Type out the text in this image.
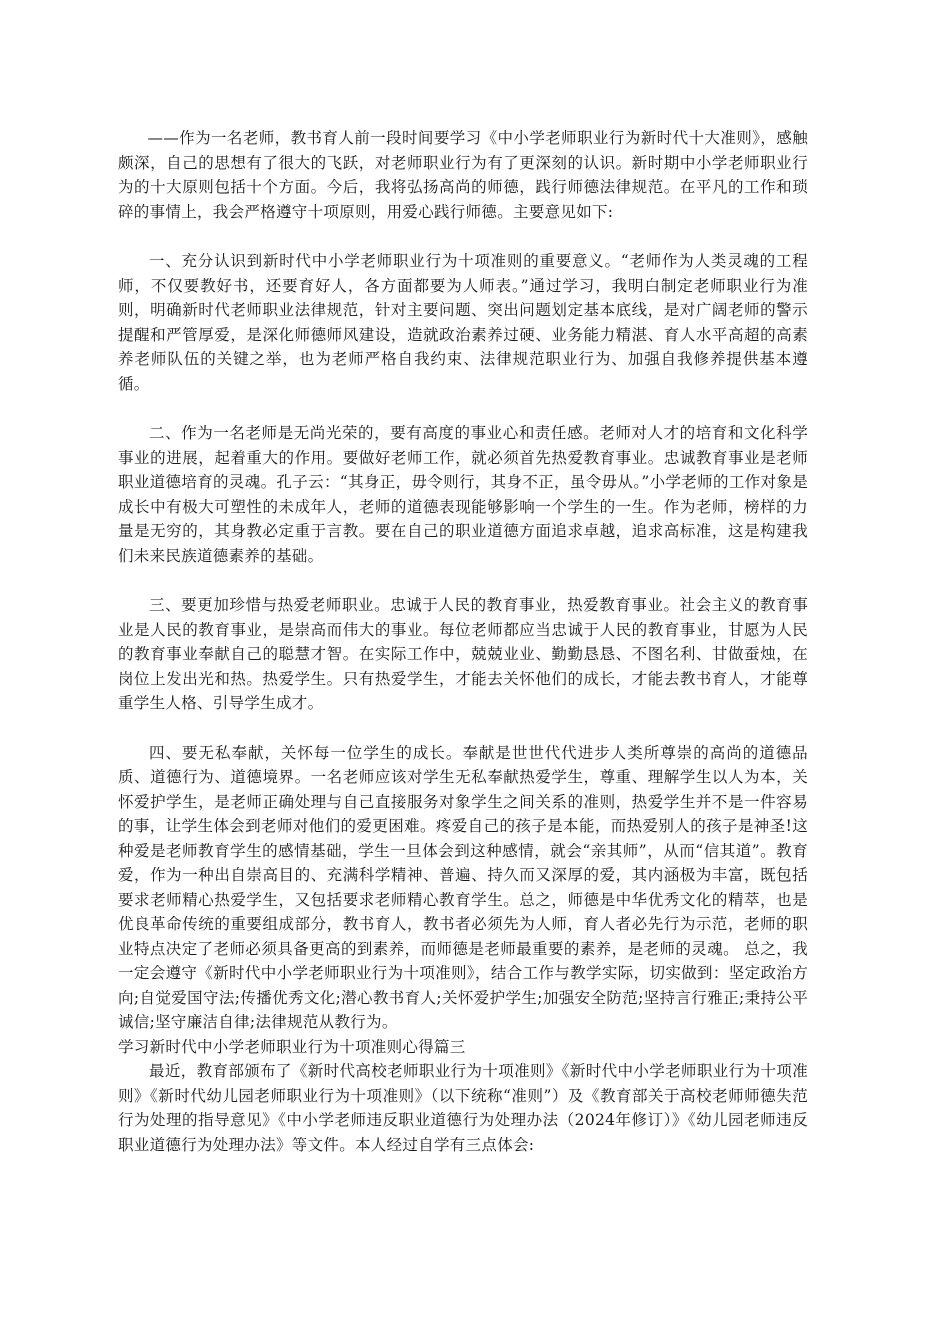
——作为一名老师，教书育人前一段时间要学习《中小学老师职业行为新时代十大准则》，感触颇深，自己的思想有了很大的飞跃，对老师职业行为有了更深刻的认识。新时期中小学老师职业行为的十大原则包括十个方面。今后，我将弘扬高尚的师德，践行师德法律规范。在平凡的工作和琐碎的事情上，我会严格遵守十项原则，用爱心践行师德。主要意见如下:

一、充分认识到新时代中小学老师职业行为十项准则的重要意义。“老师作为人类灵魂的工程师，不仅要教好书，还要育好人，各方面都要为人师表。”通过学习，我明白制定老师职业行为准则，明确新时代老师职业法律规范，针对主要问题、突出问题划定基本底线，是对广阔老师的警示提醒和严管厚爱，是深化师德师风建设，造就政治素养过硬、业务能力精湛、育人水平高超的高素养老师队伍的关键之举，也为老师严格自我约束、法律规范职业行为、加强自我修养提供基本遵循。

二、作为一名老师是无尚光荣的，要有高度的事业心和责任感。老师对人才的培育和文化科学事业的进展，起着重大的作用。要做好老师工作，就必须首先热爱教育事业。忠诚教育事业是老师职业道德培育的灵魂。孔子云：“其身正，毋令则行，其身不正，虽令毋从。”小学老师的工作对象是成长中有极大可塑性的未成年人，老师的道德表现能够影响一个学生的一生。作为老师，榜样的力量是无穷的，其身教必定重于言教。要在自己的职业道德方面追求卓越，追求高标准，这是构建我们未来民族道德素养的基础。

三、要更加珍惜与热爱老师职业。忠诚于人民的教育事业，热爱教育事业。社会主义的教育事业是人民的教育事业，是崇高而伟大的事业。每位老师都应当忠诚于人民的教育事业，甘愿为人民的教育事业奉献自己的聪慧才智。在实际工作中，兢兢业业、勤勤恳恳、不图名利、甘做蚕烛，在岗位上发出光和热。热爱学生。只有热爱学生，才能去关怀他们的成长，才能去教书育人，才能尊重学生人格、引导学生成才。

四、要无私奉献，关怀每一位学生的成长。奉献是世世代代进步人类所尊崇的高尚的道德品质、道德行为、道德境界。一名老师应该对学生无私奉献热爱学生，尊重、理解学生以人为本，关怀爱护学生，是老师正确处理与自己直接服务对象学生之间关系的准则，热爱学生并不是一件容易的事，让学生体会到老师对他们的爱更困难。疼爱自己的孩子是本能，而热爱别人的孩子是神圣!这种爱是老师教育学生的感情基础，学生一旦体会到这种感情，就会“亲其师”，从而“信其道”。教育爱，作为一种出自崇高目的、充满科学精神、普遍、持久而又深厚的爱，其内涵极为丰富，既包括要求老师精心热爱学生，又包括要求老师精心教育学生。总之，师德是中华优秀文化的精萃，也是优良革命传统的重要组成部分，教书育人，教书者必须先为人师，育人者必先行为示范，老师的职业特点决定了老师必须具备更高的到素养，而师德是老师最重要的素养，是老师的灵魂。 总之，我一定会遵守《新时代中小学老师职业行为十项准则》，结合工作与教学实际，切实做到：坚定政治方向;自觉爱国守法;传播优秀文化;潜心教书育人;关怀爱护学生;加强安全防范;坚持言行雅正;秉持公平诚信;坚守廉洁自律;法律规范从教行为。

学习新时代中小学老师职业行为十项准则心得篇三

最近，教育部颁布了《新时代高校老师职业行为十项准则》《新时代中小学老师职业行为十项准则》《新时代幼儿园老师职业行为十项准则》（以下统称“准则”）及《教育部关于高校老师师德失范行为处理的指导意见》《中小学老师违反职业道德行为处理办法（2024年修订）》《幼儿园老师违反职业道德行为处理办法》等文件。本人经过自学有三点体会:
